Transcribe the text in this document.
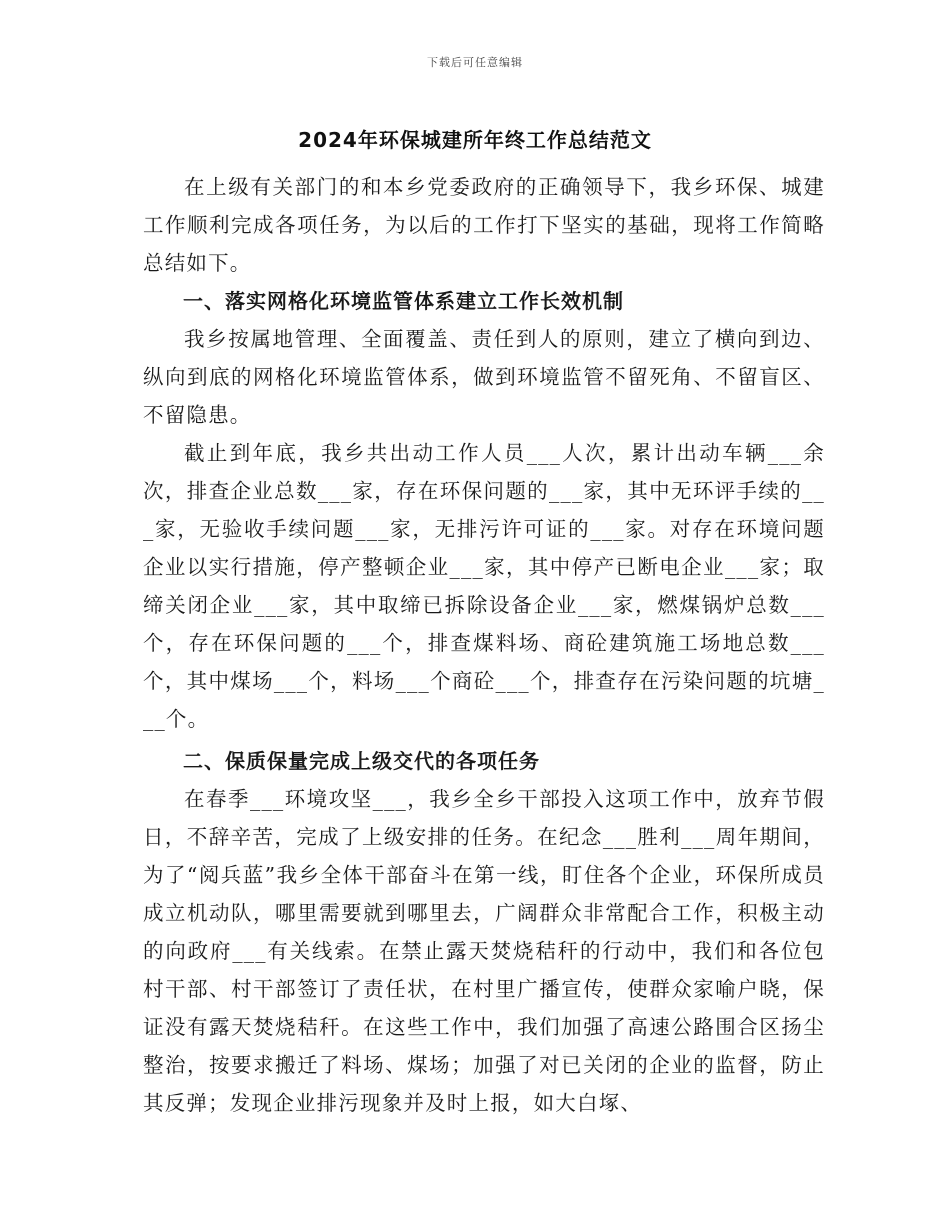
下载后可任意编辑
2024年环保城建所年终工作总结范文

在上级有关部门的和本乡党委政府的正确领导下，我乡环保、城建工作顺利完成各项任务，为以后的工作打下坚实的基础，现将工作简略总结如下。

一、落实网格化环境监管体系建立工作长效机制

我乡按属地管理、全面覆盖、责任到人的原则，建立了横向到边、纵向到底的网格化环境监管体系，做到环境监管不留死角、不留盲区、不留隐患。

截止到年底，我乡共出动工作人员___人次，累计出动车辆___余次，排查企业总数___家，存在环保问题的___家，其中无环评手续的___家，无验收手续问题___家，无排污许可证的___家。对存在环境问题企业以实行措施，停产整顿企业___家，其中停产已断电企业___家；取缔关闭企业___家，其中取缔已拆除设备企业___家，燃煤锅炉总数___个，存在环保问题的___个，排查煤料场、商砼建筑施工场地总数___个，其中煤场___个，料场___个商砼___个，排查存在污染问题的坑塘___个。

二、保质保量完成上级交代的各项任务

在春季___环境攻坚___，我乡全乡干部投入这项工作中，放弃节假日，不辞辛苦，完成了上级安排的任务。在纪念___胜利___周年期间，为了“阅兵蓝”我乡全体干部奋斗在第一线，盯住各个企业，环保所成员成立机动队，哪里需要就到哪里去，广阔群众非常配合工作，积极主动的向政府___有关线索。在禁止露天焚烧秸秆的行动中，我们和各位包村干部、村干部签订了责任状，在村里广播宣传，使群众家喻户晓，保证没有露天焚烧秸秆。在这些工作中，我们加强了高速公路围合区扬尘整治，按要求搬迁了料场、煤场；加强了对已关闭的企业的监督，防止其反弹；发现企业排污现象并及时上报，如大白塚、
